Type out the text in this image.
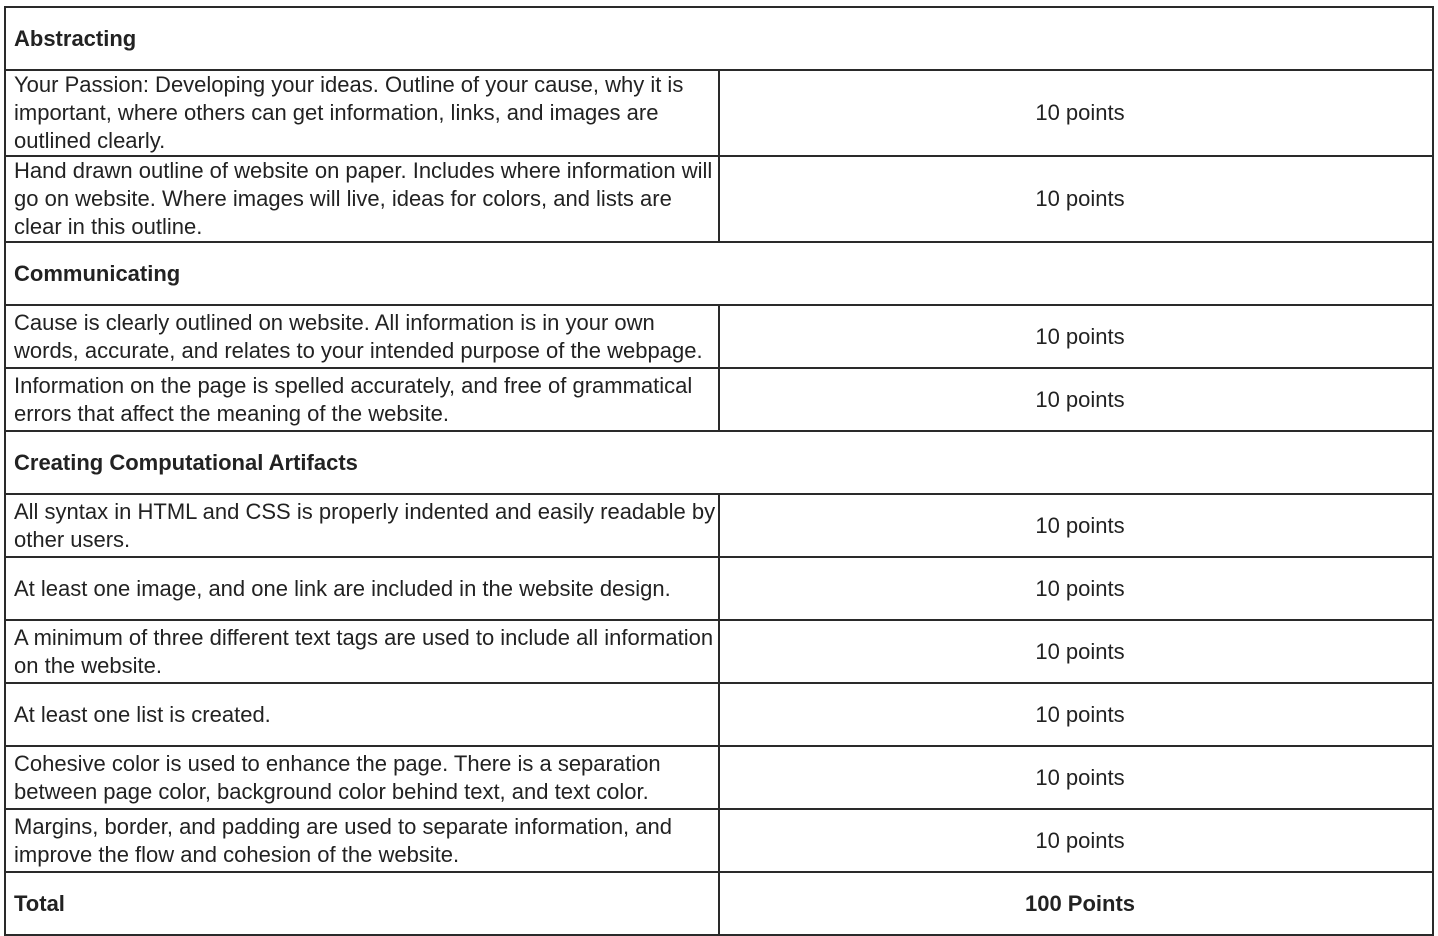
Abstracting	
Your Passion: Developing your ideas. Outline of your cause, why it is important, where others can get information, links, and images are outlined clearly.	10 points
Hand drawn outline of website on paper. Includes where information will go on website. Where images will live, ideas for colors, and lists are clear in this outline.	10 points
Communicating	
Cause is clearly outlined on website. All information is in your own words, accurate, and relates to your intended purpose of the webpage.	10 points
Information on the page is spelled accurately, and free of grammatical errors that affect the meaning of the website.	10 points
Creating Computational Artifacts	
All syntax in HTML and CSS is properly indented and easily readable by other users.	10 points
At least one image, and one link are included in the website design.	10 points
A minimum of three different text tags are used to include all information on the website.	10 points
At least one list is created.	10 points
Cohesive color is used to enhance the page. There is a separation between page color, background color behind text, and text color.	10 points
Margins, border, and padding are used to separate information, and improve the flow and cohesion of the website.	10 points
Total	100 Points
